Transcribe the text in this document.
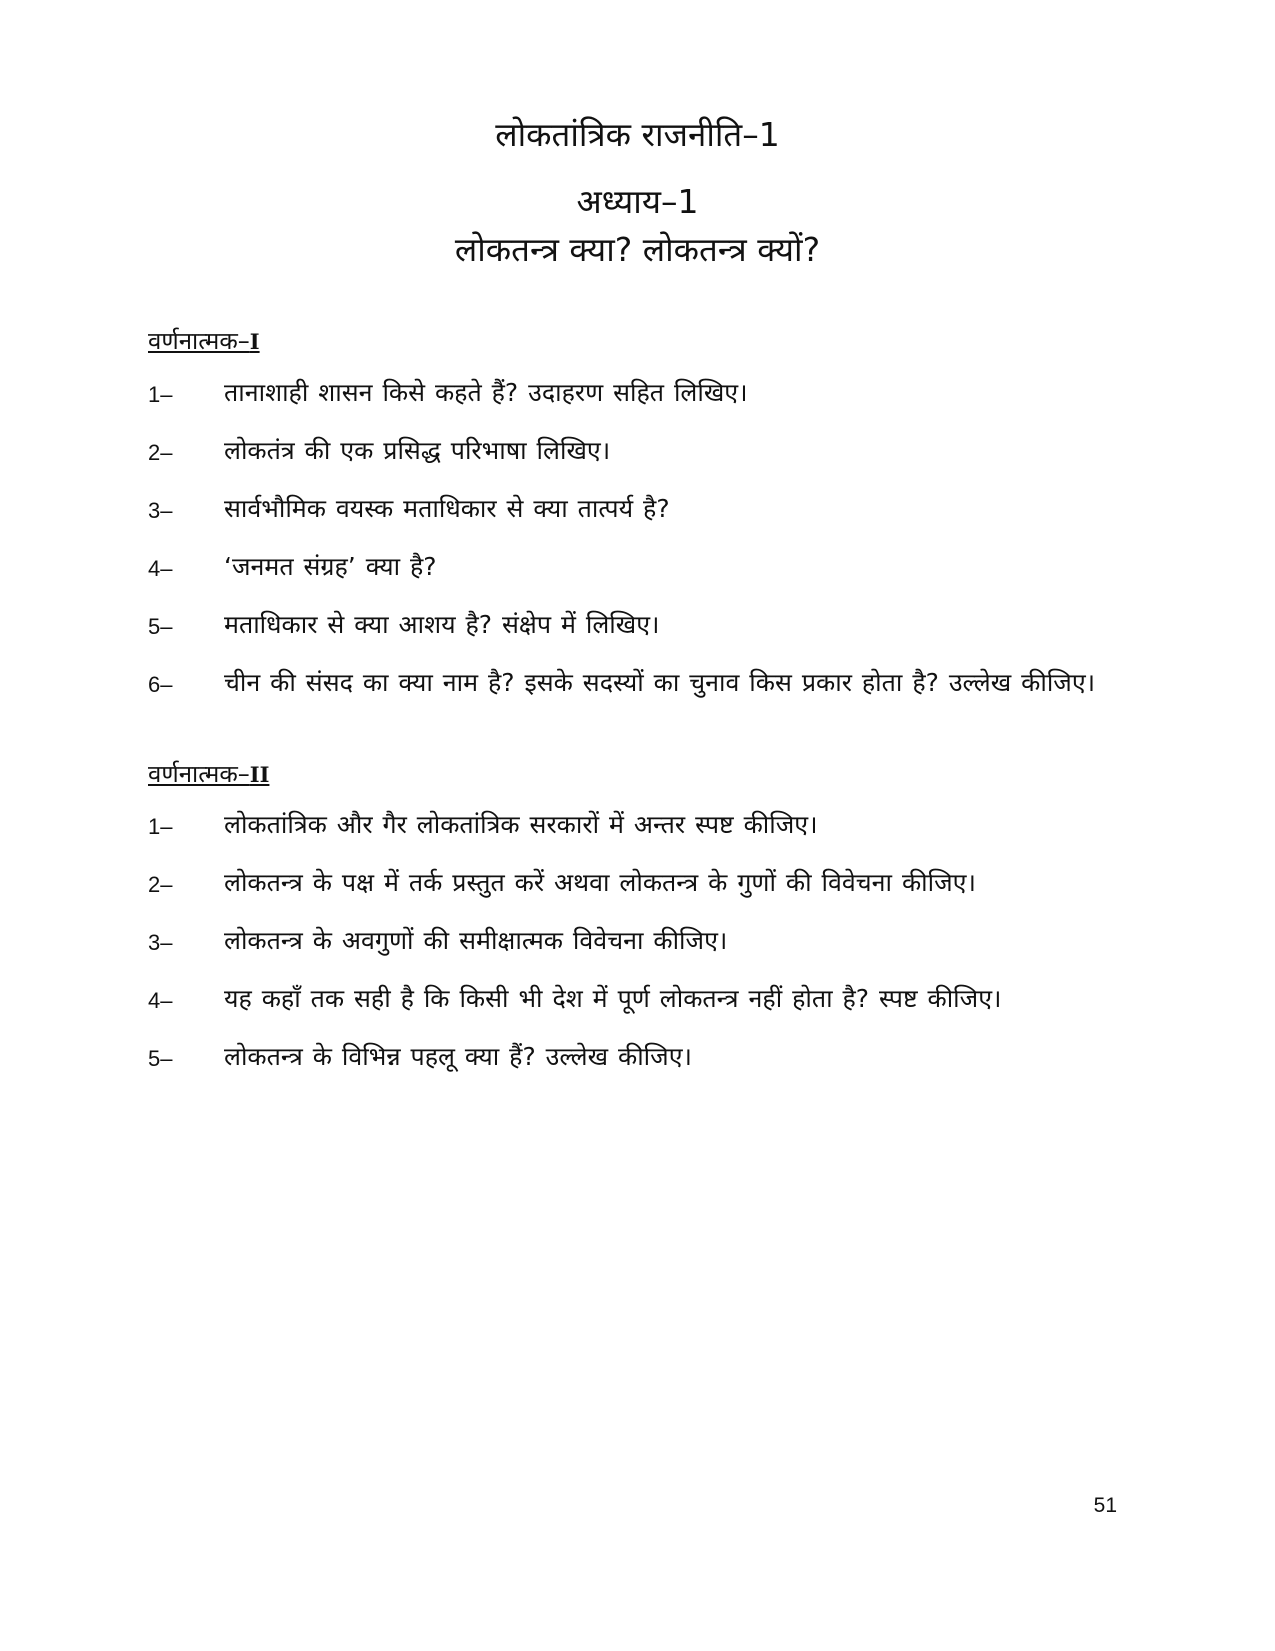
लोकतांत्रिक राजनीति–1
अध्याय–1
लोकतन्त्र क्या? लोकतन्त्र क्यों?
वर्णनात्मक–I
1–	तानाशाही शासन किसे कहते हैं? उदाहरण सहित लिखिए।
2–	लोकतंत्र की एक प्रसिद्ध परिभाषा लिखिए।
3–	सार्वभौमिक वयस्क मताधिकार से क्या तात्पर्य है?
4–	‘जनमत संग्रह’ क्या है?
5–	मताधिकार से क्या आशय है? संक्षेप में लिखिए।
6–	चीन की संसद का क्या नाम है? इसके सदस्यों का चुनाव किस प्रकार होता है? उल्लेख कीजिए।
वर्णनात्मक–II
1–	लोकतांत्रिक और गैर लोकतांत्रिक सरकारों में अन्तर स्पष्ट कीजिए।
2–	लोकतन्त्र के पक्ष में तर्क प्रस्तुत करें अथवा लोकतन्त्र के गुणों की विवेचना कीजिए।
3–	लोकतन्त्र के अवगुणों की समीक्षात्मक विवेचना कीजिए।
4–	यह कहाँ तक सही है कि किसी भी देश में पूर्ण लोकतन्त्र नहीं होता है? स्पष्ट कीजिए।
5–	लोकतन्त्र के विभिन्न पहलू क्या हैं? उल्लेख कीजिए।

51
